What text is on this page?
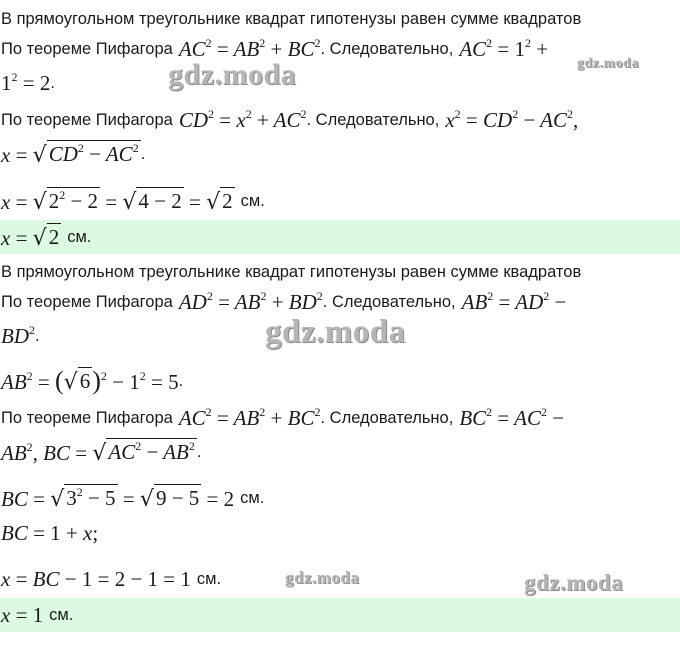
В прямоугольном треугольнике квадрат гипотенузы равен сумме квадратов
По теореме Пифагора $AC^2 = AB^2 + BC^2$ . Следовательно, $AC^2 = 1^2$ +
$1^2 = 2$ .
По теореме Пифагора $CD^2 = x^2 + AC^2$ . Следовательно, $x^2 = CD^2 - AC^2$,
x = √ $CD^2 - AC^2$ .
x = √ $2^2 - 2$ = √ 4 − 2 = √ 2 см.
x = √ 2 см.
В прямоугольном треугольнике квадрат гипотенузы равен сумме квадратов
По теореме Пифагора $AD^2 = AB^2 + BD^2$ . Следовательно, $AB^2 = AD^2$ −
$BD^2$ .
$AB^2$ = ( √ 6 )$^2 - 1^2 = 5$ .
По теореме Пифагора $AC^2 = AB^2 + BC^2$ . Следовательно, $BC^2 = AC^2$ −
$AB^2$, BC = √ $AC^2 - AB^2$ .
BC = √ $3^2 - 5$ = √ 9 − 5 = 2 см.
BC = 1 + x;
x = BC − 1 = 2 − 1 = 1 см.
x = 1 см.
gdz.moda	gdz.moda
gdz.moda
gdz.moda	gdz.moda
